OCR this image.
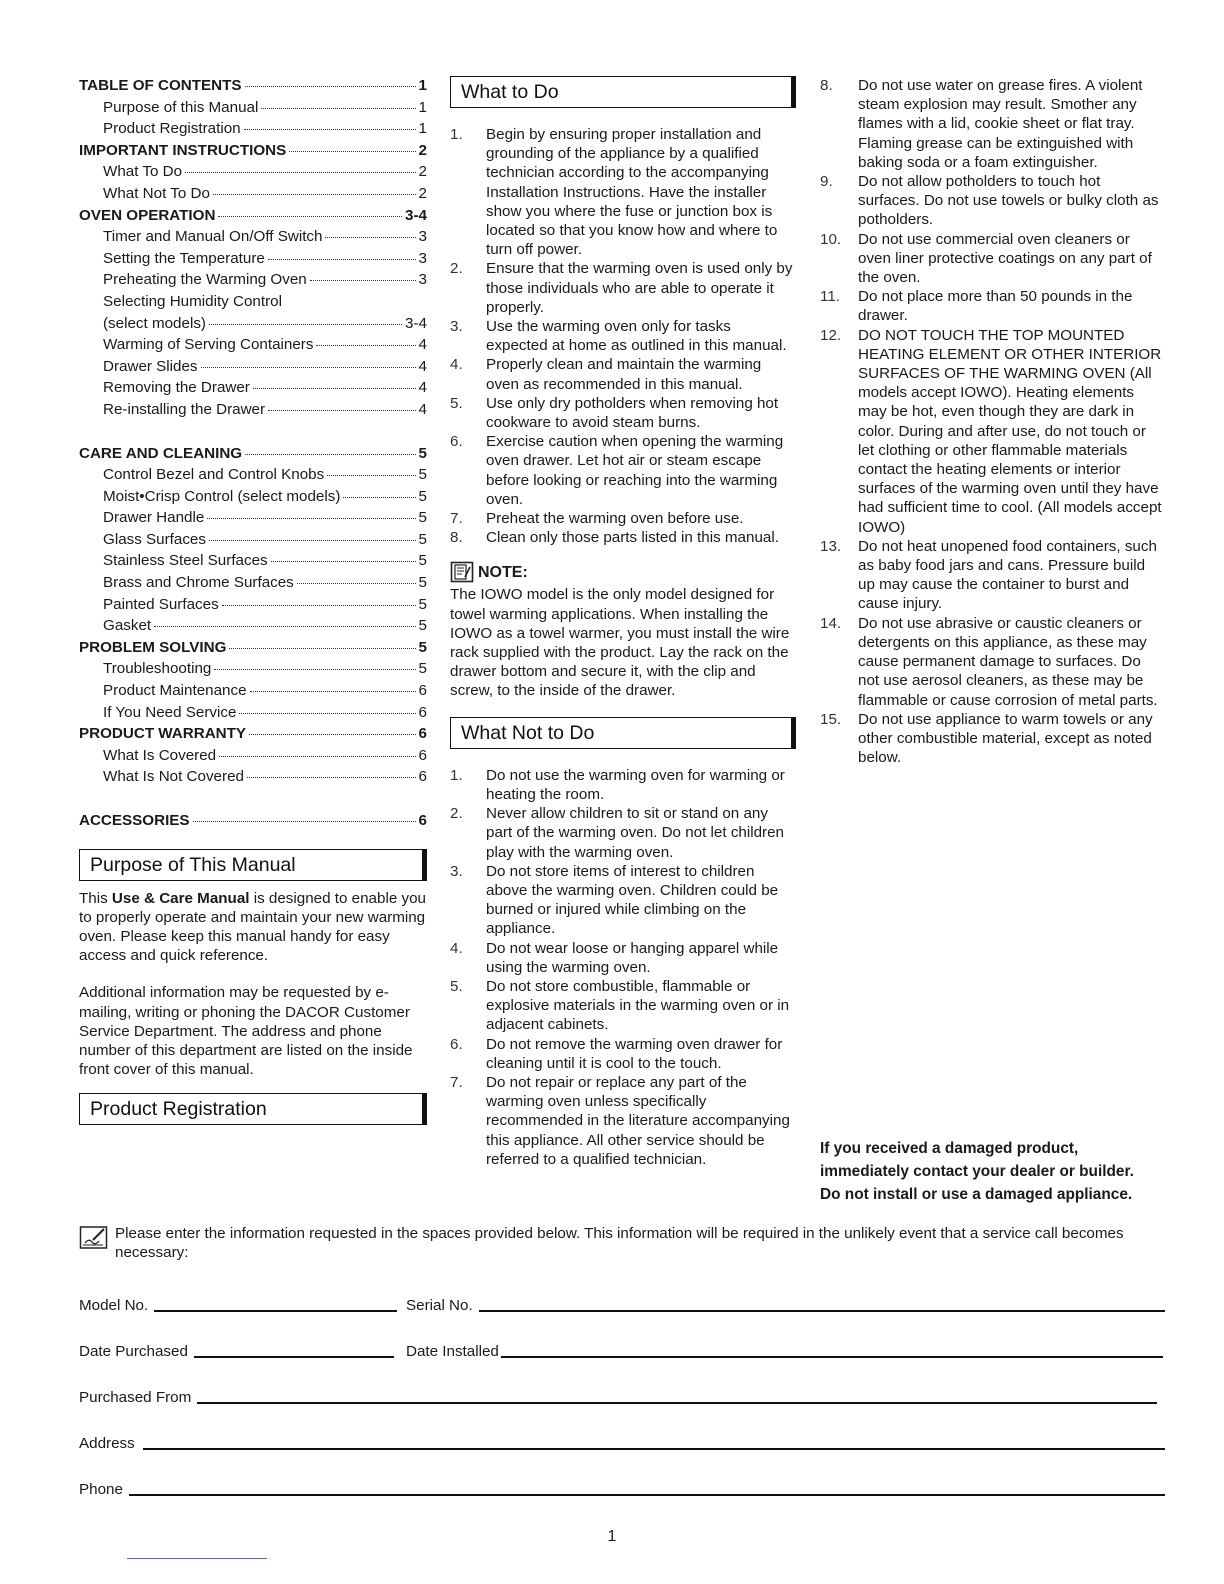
TABLE OF CONTENTS	1
Purpose of this Manual	1
Product Registration	1
IMPORTANT INSTRUCTIONS	2
What To Do	2
What Not To Do	2
OVEN OPERATION	3-4
Timer and Manual On/Off Switch	3
Setting the Temperature	3
Preheating the Warming Oven	3
Selecting Humidity Control
(select models)	3-4
Warming of Serving Containers	4
Drawer Slides	4
Removing the Drawer	4
Re-installing the Drawer	4
CARE AND CLEANING	5
Control Bezel and Control Knobs	5
Moist•Crisp Control (select models)	5
Drawer Handle	5
Glass Surfaces	5
Stainless Steel Surfaces	5
Brass and Chrome Surfaces	5
Painted Surfaces	5
Gasket	5
PROBLEM SOLVING	5
Troubleshooting	5
Product Maintenance	6
If You Need Service	6
PRODUCT WARRANTY	6
What Is Covered	6
What Is Not Covered	6
ACCESSORIES	6
Purpose of This Manual

This Use & Care Manual is designed to enable you to properly operate and maintain your new warming oven. Please keep this manual handy for easy access and quick reference.

Additional information may be requested by e-mailing, writing or phoning the DACOR Customer Service Department. The address and phone number of this department are listed on the inside front cover of this manual.

Product Registration
What to Do
1.	Begin by ensuring proper installation and grounding of the appliance by a qualified technician according to the accompanying Installation Instructions. Have the installer show you where the fuse or junction box is located so that you know how and where to turn off power.
2.	Ensure that the warming oven is used only by those individuals who are able to operate it properly.
3.	Use the warming oven only for tasks expected at home as outlined in this manual.
4.	Properly clean and maintain the warming oven as recommended in this manual.
5.	Use only dry potholders when removing hot cookware to avoid steam burns.
6.	Exercise caution when opening the warming oven drawer. Let hot air or steam escape before looking or reaching into the warming oven.
7.	Preheat the warming oven before use.
8.	Clean only those parts listed in this manual.
NOTE:

The IOWO model is the only model designed for towel warming applications. When installing the IOWO as a towel warmer, you must install the wire rack supplied with the product. Lay the rack on the drawer bottom and secure it, with the clip and screw, to the inside of the drawer.

What Not to Do
1.	Do not use the warming oven for warming or heating the room.
2.	Never allow children to sit or stand on any part of the warming oven. Do not let children play with the warming oven.
3.	Do not store items of interest to children above the warming oven. Children could be burned or injured while climbing on the appliance.
4.	Do not wear loose or hanging apparel while using the warming oven.
5.	Do not store combustible, flammable or explosive materials in the warming oven or in adjacent cabinets.
6.	Do not remove the warming oven drawer for cleaning until it is cool to the touch.
7.	Do not repair or replace any part of the warming oven unless specifically recommended in the literature accompanying this appliance. All other service should be referred to a qualified technician.
8.	Do not use water on grease fires. A violent steam explosion may result. Smother any flames with a lid, cookie sheet or flat tray. Flaming grease can be extinguished with baking soda or a foam extinguisher.
9.	Do not allow potholders to touch hot surfaces. Do not use towels or bulky cloth as potholders.
10.	Do not use commercial oven cleaners or oven liner protective coatings on any part of the oven.
11.	Do not place more than 50 pounds in the drawer.
12.	DO NOT TOUCH THE TOP MOUNTED HEATING ELEMENT OR OTHER INTERIOR SURFACES OF THE WARMING OVEN (All models accept IOWO). Heating elements may be hot, even though they are dark in color. During and after use, do not touch or let clothing or other flammable materials contact the heating elements or interior surfaces of the warming oven until they have had sufficient time to cool. (All models accept IOWO)
13.	Do not heat unopened food containers, such as baby food jars and cans. Pressure build up may cause the container to burst and cause injury.
14.	Do not use abrasive or caustic cleaners or detergents on this appliance, as these may cause permanent damage to surfaces. Do not use aerosol cleaners, as these may be flammable or cause corrosion of metal parts.
15.	Do not use appliance to warm towels or any other combustible material, except as noted below.
If you received a damaged product,
immediately contact your dealer or builder.
Do not install or use a damaged appliance.

Please enter the information requested in the spaces provided below. This information will be required in the unlikely event that a service call becomes necessary:

Model No.	Serial No.
Date Purchased	Date Installed
Purchased From
Address
Phone
1
